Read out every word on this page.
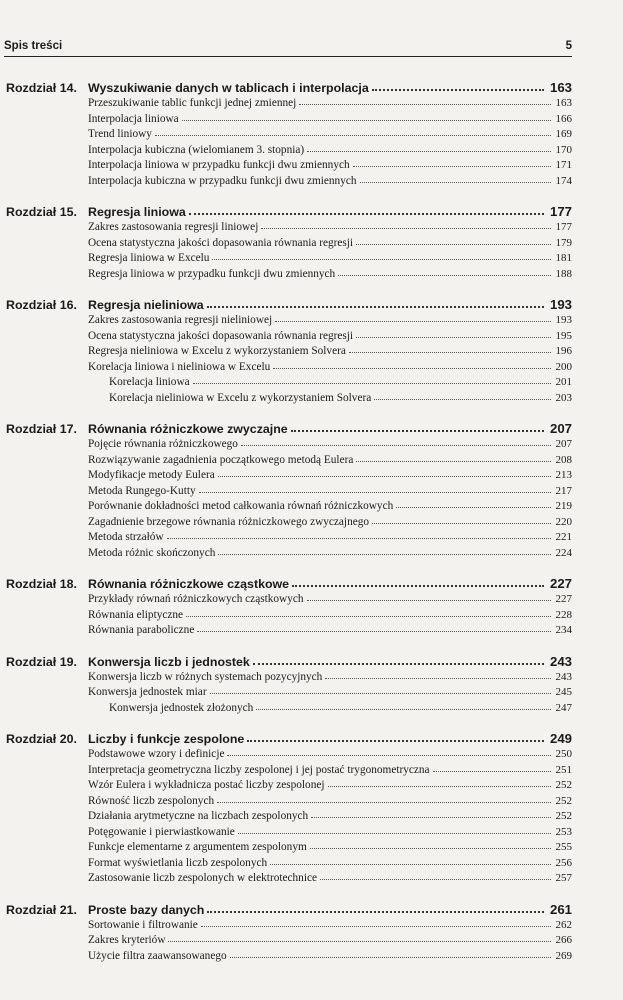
Spis treści	5
Rozdział 14. Wyszukiwanie danych w tablicach i interpolacja	163
Przeszukiwanie tablic funkcji jednej zmiennej	163
Interpolacja liniowa	166
Trend liniowy	169
Interpolacja kubiczna (wielomianem 3. stopnia)	170
Interpolacja liniowa w przypadku funkcji dwu zmiennych	171
Interpolacja kubiczna w przypadku funkcji dwu zmiennych	174
Rozdział 15. Regresja liniowa	177
Zakres zastosowania regresji liniowej	177
Ocena statystyczna jakości dopasowania równania regresji	179
Regresja liniowa w Excelu	181
Regresja liniowa w przypadku funkcji dwu zmiennych	188
Rozdział 16. Regresja nieliniowa	193
Zakres zastosowania regresji nieliniowej	193
Ocena statystyczna jakości dopasowania równania regresji	195
Regresja nieliniowa w Excelu z wykorzystaniem Solvera	196
Korelacja liniowa i nieliniowa w Excelu	200
Korelacja liniowa	201
Korelacja nieliniowa w Excelu z wykorzystaniem Solvera	203
Rozdział 17. Równania różniczkowe zwyczajne	207
Pojęcie równania różniczkowego	207
Rozwiązywanie zagadnienia początkowego metodą Eulera	208
Modyfikacje metody Eulera	213
Metoda Rungego-Kutty	217
Porównanie dokładności metod całkowania równań różniczkowych	219
Zagadnienie brzegowe równania różniczkowego zwyczajnego	220
Metoda strzałów	221
Metoda różnic skończonych	224
Rozdział 18. Równania różniczkowe cząstkowe	227
Przykłady równań różniczkowych cząstkowych	227
Równania eliptyczne	228
Równania paraboliczne	234
Rozdział 19. Konwersja liczb i jednostek	243
Konwersja liczb w różnych systemach pozycyjnych	243
Konwersja jednostek miar	245
Konwersja jednostek złożonych	247
Rozdział 20. Liczby i funkcje zespolone	249
Podstawowe wzory i definicje	250
Interpretacja geometryczna liczby zespolonej i jej postać trygonometryczna	251
Wzór Eulera i wykładnicza postać liczby zespolonej	252
Równość liczb zespolonych	252
Działania arytmetyczne na liczbach zespolonych	252
Potęgowanie i pierwiastkowanie	253
Funkcje elementarne z argumentem zespolonym	255
Format wyświetlania liczb zespolonych	256
Zastosowanie liczb zespolonych w elektrotechnice	257
Rozdział 21. Proste bazy danych	261
Sortowanie i filtrowanie	262
Zakres kryteriów	266
Użycie filtra zaawansowanego	269
